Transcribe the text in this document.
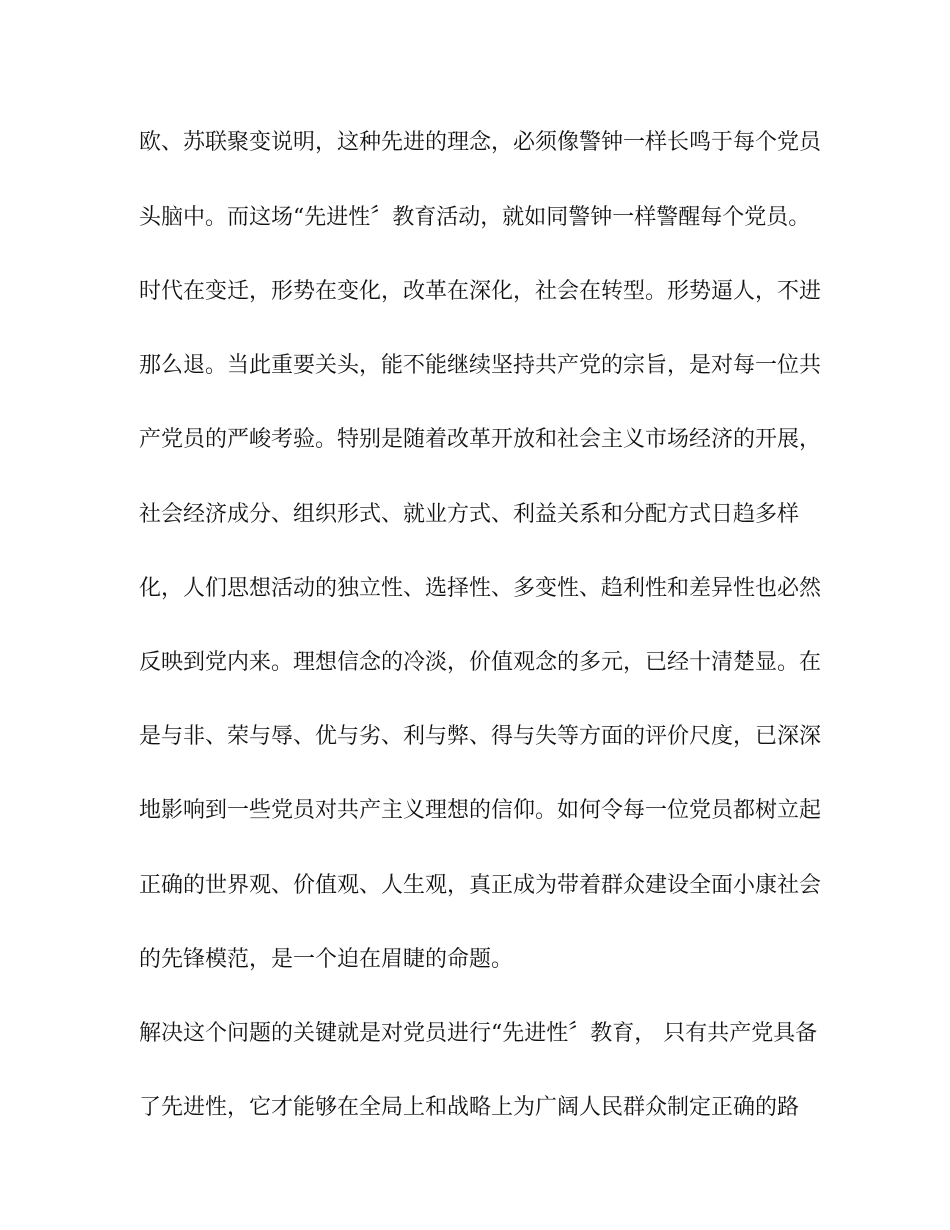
欧、苏联聚变说明，这种先进的理念，必须像警钟一样长鸣于每个党员
头脑中。而这场“先进性〞教育活动，就如同警钟一样警醒每个党员。
时代在变迁，形势在变化，改革在深化，社会在转型。形势逼人，不进
那么退。当此重要关头，能不能继续坚持共产党的宗旨，是对每一位共
产党员的严峻考验。特别是随着改革开放和社会主义市场经济的开展，
社会经济成分、组织形式、就业方式、利益关系和分配方式日趋多样
化，人们思想活动的独立性、选择性、多变性、趋利性和差异性也必然
反映到党内来。理想信念的冷淡，价值观念的多元，已经十清楚显。在
是与非、荣与辱、优与劣、利与弊、得与失等方面的评价尺度，已深深
地影响到一些党员对共产主义理想的信仰。如何令每一位党员都树立起
正确的世界观、价值观、人生观，真正成为带着群众建设全面小康社会
的先锋模范，是一个迫在眉睫的命题。
解决这个问题的关键就是对党员进行“先进性〞教育， 只有共产党具备
了先进性，它才能够在全局上和战略上为广阔人民群众制定正确的路
